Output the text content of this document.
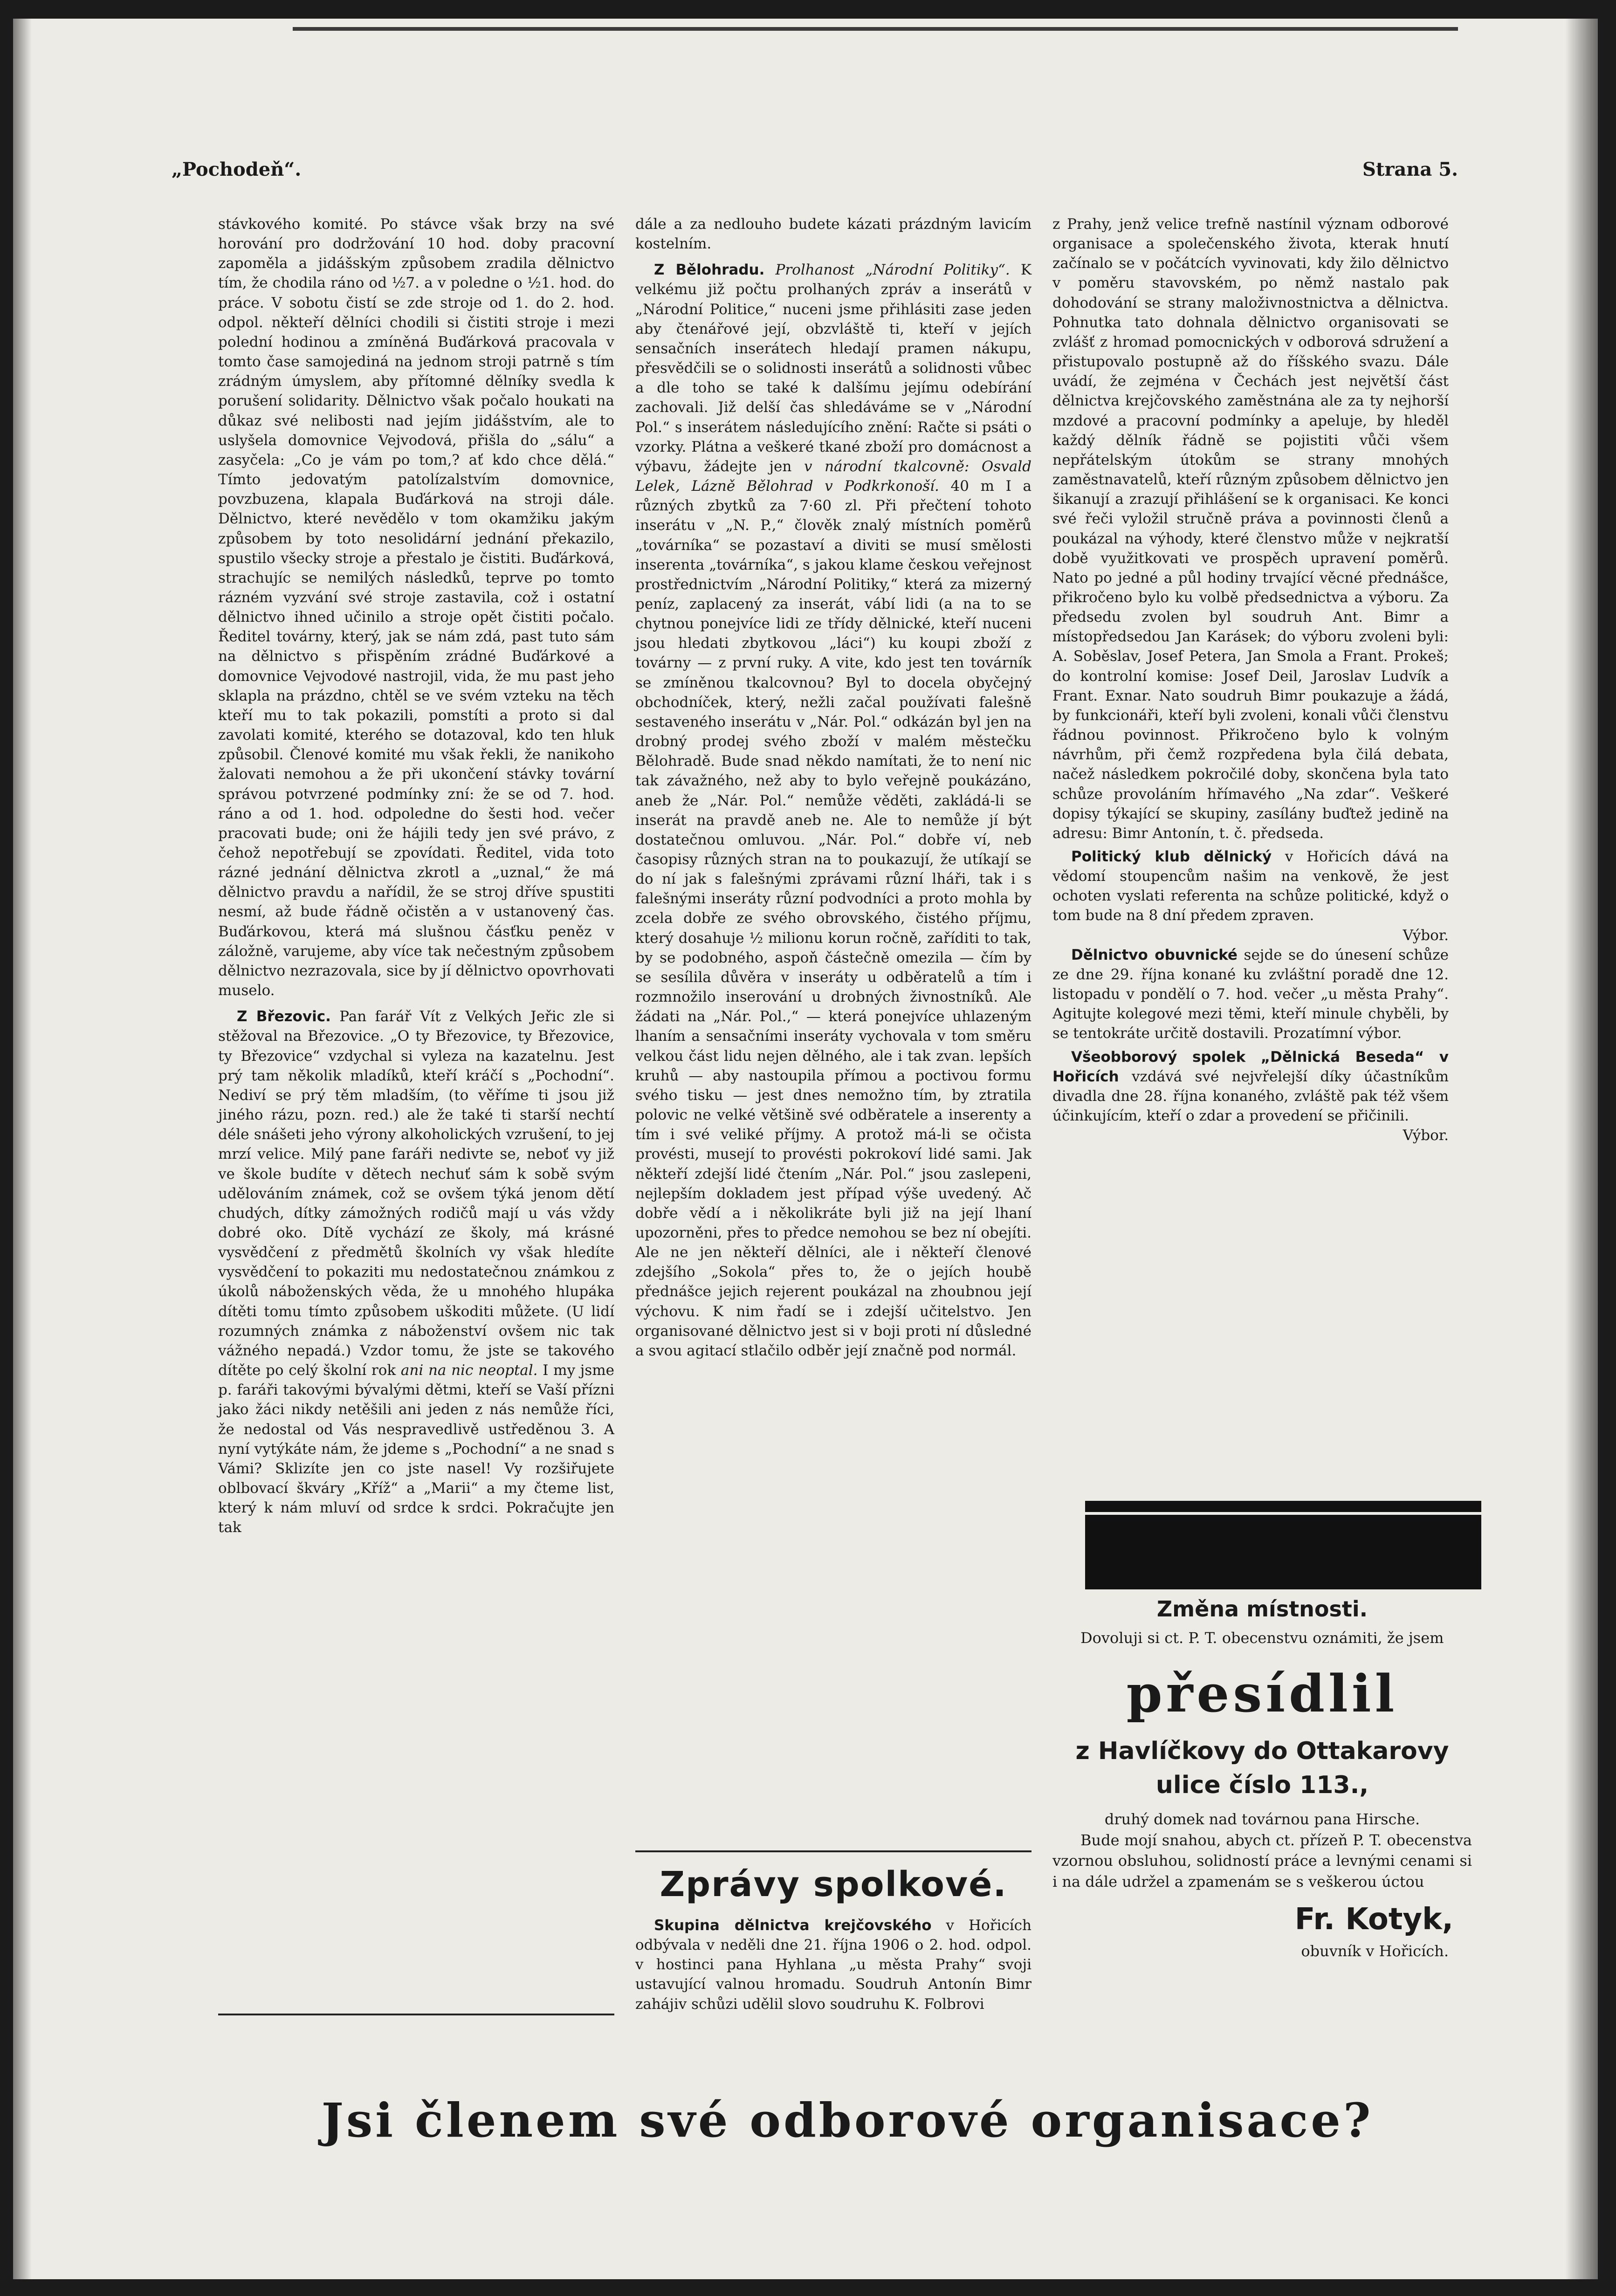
„Pochodeň“.	Strana 5.

stávkového komité. Po stávce však brzy na své horování pro dodržování 10 hod. doby pracovní zapoměla a jidášským způsobem zradila dělnictvo tím, že chodila ráno od ½7. a v poledne o ½1. hod. do práce. V sobotu čistí se zde stroje od 1. do 2. hod. odpol. někteří dělníci chodili si čistiti stroje i mezi polední hodinou a zmíněná Buďárková pracovala v tomto čase samojediná na jednom stroji patrně s tím zrádným úmyslem, aby přítomné dělníky svedla k porušení solidarity. Dělnictvo však počalo houkati na důkaz své nelibosti nad jejím jidášstvím, ale to uslyšela domovnice Vejvodová, přišla do „sálu“ a zasyčela: „Co je vám po tom,? ať kdo chce dělá.“ Tímto jedovatým patolízalstvím domovnice, povzbuzena, klapala Buďárková na stroji dále. Dělnictvo, které nevědělo v tom okamžiku jakým způsobem by toto nesolidární jednání překazilo, spustilo všecky stroje a přestalo je čistiti. Buďárková, strachujíc se nemilých následků, teprve po tomto rázném vyzvání své stroje zastavila, což i ostatní dělnictvo ihned učinilo a stroje opět čistiti počalo. Ředitel továrny, který, jak se nám zdá, past tuto sám na dělnictvo s přispěním zrádné Buďárkové a domovnice Vejvodové nastrojil, vida, že mu past jeho sklapla na prázdno, chtěl se ve svém vzteku na těch kteří mu to tak pokazili, pomstíti a proto si dal zavolati komité, kterého se dotazoval, kdo ten hluk způsobil. Členové komité mu však řekli, že nanikoho žalovati nemohou a že při ukončení stávky tovární správou potvrzené podmínky zní: že se od 7. hod. ráno a od 1. hod. odpoledne do šesti hod. večer pracovati bude; oni že hájili tedy jen své právo, z čehož nepotřebují se zpovídati. Ředitel, vida toto rázné jednání dělnictva zkrotl a „uznal,“ že má dělnictvo pravdu a nařídil, že se stroj dříve spustiti nesmí, až bude řádně očistěn a v ustanovený čas. Buďárkovou, která má slušnou čásťku peněz v záložně, varujeme, aby více tak nečestným způsobem dělnictvo nezrazovala, sice by jí dělnictvo opovrhovati muselo.

Z Březovic. Pan farář Vít z Velkých Jeřic zle si stěžoval na Březovice. „O ty Březovice, ty Březovice, ty Březovice“ vzdychal si vyleza na kazatelnu. Jest prý tam několik mladíků, kteří kráčí s „Pochodní“. Nediví se prý těm mladším, (to věříme ti jsou již jiného rázu, pozn. red.) ale že také ti starší nechtí déle snášeti jeho výrony alkoholických vzrušení, to jej mrzí velice. Milý pane faráři nedivte se, neboť vy již ve škole budíte v dětech nechuť sám k sobě svým udělováním známek, což se ovšem týká jenom dětí chudých, dítky zámožných rodičů mají u vás vždy dobré oko. Dítě vychází ze školy, má krásné vysvědčení z předmětů školních vy však hledíte vysvědčení to pokaziti mu nedostatečnou známkou z úkolů náboženských věda, že u mnohého hlupáka dítěti tomu tímto způsobem uškoditi můžete. (U lidí rozumných známka z náboženství ovšem nic tak vážného nepadá.) Vzdor tomu, že jste se takového dítěte po celý školní rok ani na nic neoptal. I my jsme p. faráři takovými bývalými dětmi, kteří se Vaší přízni jako žáci nikdy netěšili ani jeden z nás nemůže říci, že nedostal od Vás nespravedlivě ustředěnou 3. A nyní vytýkáte nám, že jdeme s „Pochodní“ a ne snad s Vámi? Sklizíte jen co jste nasel! Vy rozšiřujete oblbovací škváry „Kříž“ a „Marii“ a my čteme list, který k nám mluví od srdce k srdci. Pokračujte jen tak

dále a za nedlouho budete kázati prázdným lavicím kostelním.

Z Bělohradu. Prolhanost „Národní Politiky“. K velkému již počtu prolhaných zpráv a inserátů v „Národní Politice,“ nuceni jsme přihlásiti zase jeden aby čtenářové její, obzvláště ti, kteří v jejích sensačních inserátech hledají pramen nákupu, přesvědčili se o solidnosti inserátů a solidnosti vůbec a dle toho se také k dalšímu jejímu odebírání zachovali. Již delší čas shledáváme se v „Národní Pol.“ s inserátem následujícího znění: Račte si psáti o vzorky. Plátna a veškeré tkané zboží pro domácnost a výbavu, žádejte jen v národní tkalcovně: Osvald Lelek, Lázně Bělohrad v Podkrkonoší. 40 m I a různých zbytků za 7·60 zl. Při přečtení tohoto inserátu v „N. P.,“ člověk znalý místních poměrů „továrníka“ se pozastaví a diviti se musí smělosti inserenta „továrníka“, s jakou klame českou veřejnost prostřednictvím „Národní Politiky,“ která za mizerný peníz, zaplacený za inserát, vábí lidi (a na to se chytnou ponejvíce lidi ze třídy dělnické, kteří nuceni jsou hledati zbytkovou „láci“) ku koupi zboží z továrny — z první ruky. A vite, kdo jest ten továrník se zmíněnou tkalcovnou? Byl to docela obyčejný obchodníček, který, nežli začal používati falešně sestaveného inserátu v „Nár. Pol.“ odkázán byl jen na drobný prodej svého zboží v malém městečku Bělohradě. Bude snad někdo namítati, že to není nic tak závažného, než aby to bylo veřejně poukázáno, aneb že „Nár. Pol.“ nemůže věděti, zakládá-li se inserát na pravdě aneb ne. Ale to nemůže jí být dostatečnou omluvou. „Nár. Pol.“ dobře ví, neb časopisy různých stran na to poukazují, že utíkají se do ní jak s falešnými zprávami různí lháři, tak i s falešnými inseráty různí podvodníci a proto mohla by zcela dobře ze svého obrovského, čistého příjmu, který dosahuje ½ milionu korun ročně, zaříditi to tak, by se podobného, aspoň částečně omezila — čím by se sesílila důvěra v inseráty u odběratelů a tím i rozmnožilo inserování u drobných živnostníků. Ale žádati na „Nár. Pol.,“ — která ponejvíce uhlazeným lhaním a sensačními inseráty vychovala v tom směru velkou část lidu nejen dělného, ale i tak zvan. lepších kruhů — aby nastoupila přímou a poctivou formu svého tisku — jest dnes nemožno tím, by ztratila polovic ne velké většině své odběratele a inserenty a tím i své veliké příjmy. A protož má-li se očista provésti, musejí to provésti pokrokoví lidé sami. Jak někteří zdejší lidé čtením „Nár. Pol.“ jsou zaslepeni, nejlepším dokladem jest případ výše uvedený. Ač dobře vědí a i několikráte byli již na její lhaní upozorněni, přes to předce nemohou se bez ní obejíti. Ale ne jen někteří dělníci, ale i někteří členové zdejšího „Sokola“ přes to, že o jejích houbě přednášce jejich rejerent poukázal na zhoubnou její výchovu. K nim řadí se i zdejší učitelstvo. Jen organisované dělnictvo jest si v boji proti ní důsledné a svou agitací stlačilo odběr její značně pod normál.

Zprávy spolkové.

Skupina dělnictva krejčovského v Hořicích odbývala v neděli dne 21. října 1906 o 2. hod. odpol. v hostinci pana Hyhlana „u města Prahy“ svoji ustavující valnou hromadu. Soudruh Antonín Bimr zahájiv schůzi udělil slovo soudruhu K. Folbrovi

z Prahy, jenž velice trefně nastínil význam odborové organisace a společenského života, kterak hnutí začínalo se v počátcích vyvinovati, kdy žilo dělnictvo v poměru stavovském, po němž nastalo pak dohodování se strany maloživnostnictva a dělnictva. Pohnutka tato dohnala dělnictvo organisovati se zvlášť z hromad pomocnických v odborová sdružení a přistupovalo postupně až do říšského svazu. Dále uvádí, že zejména v Čechách jest největší část dělnictva krejčovského zaměstnána ale za ty nejhorší mzdové a pracovní podmínky a apeluje, by hleděl každý dělník řádně se pojistiti vůči všem nepřátelským útokům se strany mnohých zaměstnavatelů, kteří různým způsobem dělnictvo jen šikanují a zrazují přihlášení se k organisaci. Ke konci své řeči vyložil stručně práva a povinnosti členů a poukázal na výhody, které členstvo může v nejkratší době využitkovati ve prospěch upravení poměrů. Nato po jedné a půl hodiny trvající věcné přednášce, přikročeno bylo ku volbě předsednictva a výboru. Za předsedu zvolen byl soudruh Ant. Bimr a místopředsedou Jan Karásek; do výboru zvoleni byli: A. Soběslav, Josef Petera, Jan Smola a Frant. Prokeš; do kontrolní komise: Josef Deil, Jaroslav Ludvík a Frant. Exnar. Nato soudruh Bimr poukazuje a žádá, by funkcionáři, kteří byli zvoleni, konali vůči členstvu řádnou povinnost. Přikročeno bylo k volným návrhům, při čemž rozpředena byla čilá debata, načež následkem pokročilé doby, skončena byla tato schůze provoláním hřímavého „Na zdar“. Veškeré dopisy týkající se skupiny, zasílány buďtež jedině na adresu: Bimr Antonín, t. č. předseda.

Politický klub dělnický v Hořicích dává na vědomí stoupencům našim na venkově, že jest ochoten vyslati referenta na schůze politické, když o tom bude na 8 dní předem zpraven.

Výbor.

Dělnictvo obuvnické sejde se do únesení schůze ze dne 29. října konané ku zvláštní poradě dne 12. listopadu v pondělí o 7. hod. večer „u města Prahy“. Agitujte kolegové mezi těmi, kteří minule chyběli, by se tentokráte určitě dostavili. Prozatímní výbor.

Všeobborový spolek „Dělnická Beseda“ v Hořicích vzdává své nejvřelejší díky účastníkům divadla dne 28. října konaného, zvláště pak též všem účinkujícím, kteří o zdar a provedení se přičinili.

Výbor.

Změna místnosti.
Dovoluji si ct. P. T. obecenstvu oznámiti, že jsem
přesídlil
z Havlíčkovy do Ottakarovy ulice číslo 113.,
druhý domek nad továrnou pana Hirsche.
Bude mojí snahou, abych ct. přízeň P. T. obecenstva vzornou obsluhou, solidností práce a levnými cenami si i na dále udržel a zpamenám se s veškerou úctou
Fr. Kotyk,
obuvník v Hořicích.
Jsi členem své odborové organisace?
